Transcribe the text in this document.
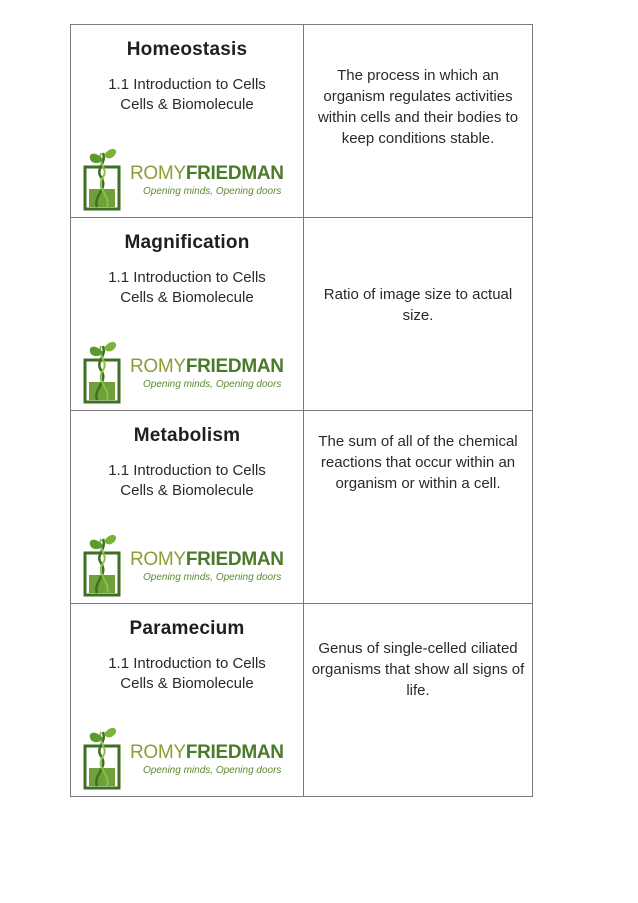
Homeostasis
1.1 Introduction to Cells
Cells & Biomolecule
ROMYFRIEDMAN
Opening minds, Opening doors	The process in which an organism regulates activities within cells and their bodies to keep conditions stable.

Magnification
1.1 Introduction to Cells
Cells & Biomolecule
ROMYFRIEDMAN
Opening minds, Opening doors	Ratio of image size to actual size.

Metabolism
1.1 Introduction to Cells
Cells & Biomolecule
ROMYFRIEDMAN
Opening minds, Opening doors	The sum of all of the chemical reactions that occur within an organism or within a cell.

Paramecium
1.1 Introduction to Cells
Cells & Biomolecule
ROMYFRIEDMAN
Opening minds, Opening doors	Genus of single-celled ciliated organisms that show all signs of life.
